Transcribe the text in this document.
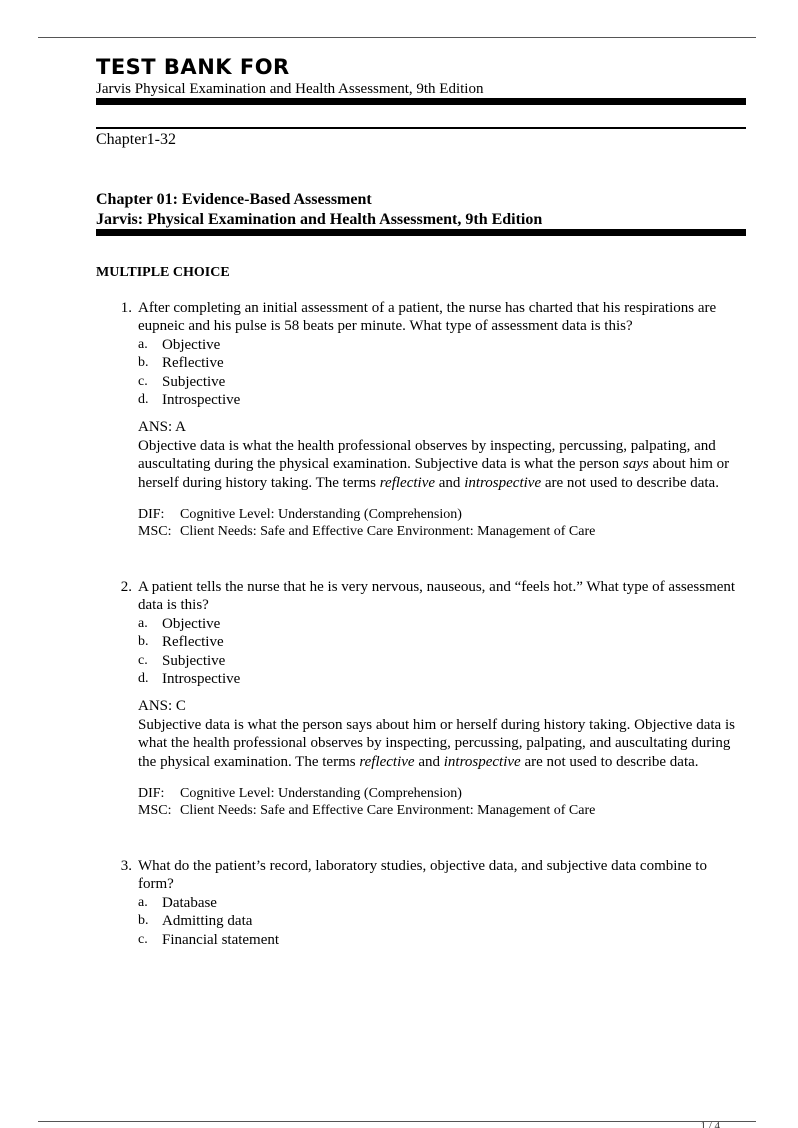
TEST BANK FOR
Jarvis Physical Examination and Health Assessment, 9th Edition
Chapter1-32
Chapter 01: Evidence-Based Assessment
Jarvis: Physical Examination and Health Assessment, 9th Edition
MULTIPLE CHOICE
1. After completing an initial assessment of a patient, the nurse has charted that his respirations are eupneic and his pulse is 58 beats per minute. What type of assessment data is this?
a. Objective
b. Reflective
c. Subjective
d. Introspective
ANS: A
Objective data is what the health professional observes by inspecting, percussing, palpating, and auscultating during the physical examination. Subjective data is what the person says about him or herself during history taking. The terms reflective and introspective are not used to describe data.
DIF: Cognitive Level: Understanding (Comprehension)
MSC: Client Needs: Safe and Effective Care Environment: Management of Care
2. A patient tells the nurse that he is very nervous, nauseous, and “feels hot.” What type of assessment data is this?
a. Objective
b. Reflective
c. Subjective
d. Introspective
ANS: C
Subjective data is what the person says about him or herself during history taking. Objective data is what the health professional observes by inspecting, percussing, palpating, and auscultating during the physical examination. The terms reflective and introspective are not used to describe data.
DIF: Cognitive Level: Understanding (Comprehension)
MSC: Client Needs: Safe and Effective Care Environment: Management of Care
3. What do the patient’s record, laboratory studies, objective data, and subjective data combine to form?
a. Database
b. Admitting data
c. Financial statement
1 / 4
